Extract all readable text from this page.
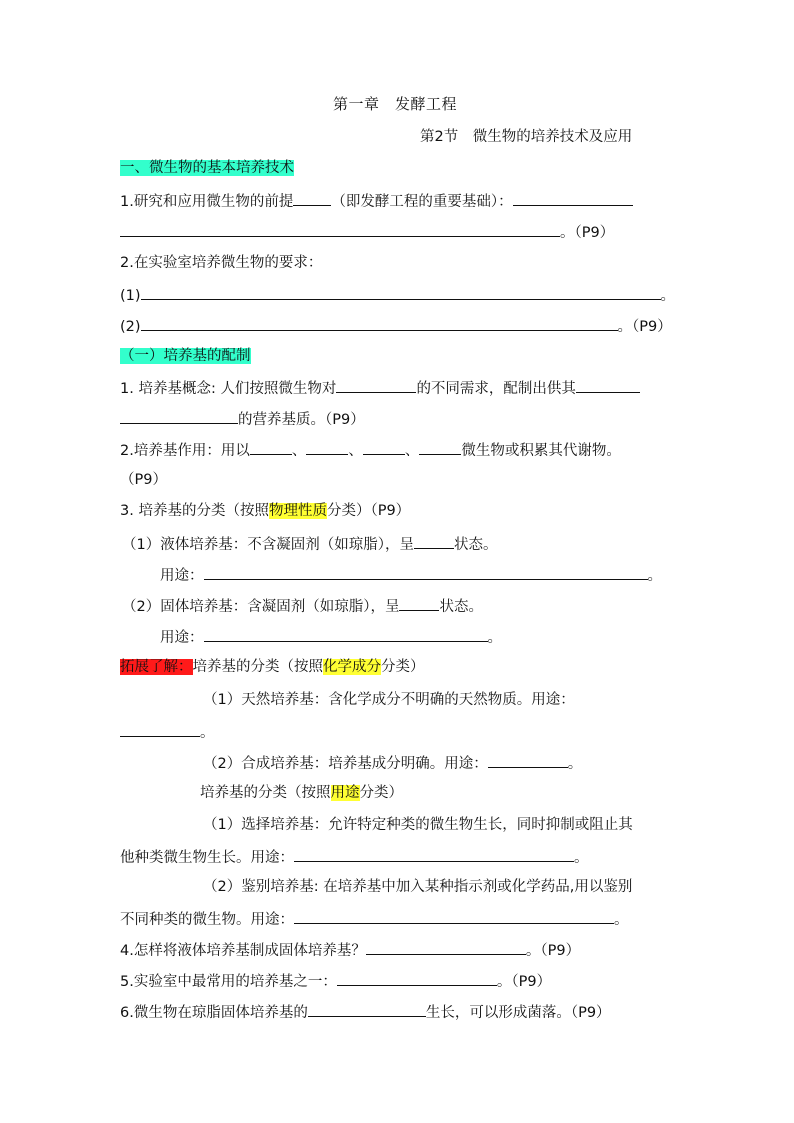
第一章　发酵工程
第2节　微生物的培养技术及应用
一、微生物的基本培养技术
1.研究和应用微生物的前提	（即发酵工程的重要基础）：
。（P9）
2.在实验室培养微生物的要求：
(1)	。
(2)	。（P9）
（一）培养基的配制
1. 培养基概念: 人们按照微生物对	的不同需求，配制出供其
的营养基质。（P9）
2.培养基作用：用以	、	、	、	微生物或积累其代谢物。
（P9）
3. 培养基的分类（按照物理性质分类）（P9）
（1）液体培养基：不含凝固剂（如琼脂），呈	状态。
用途：	。
（2）固体培养基：含凝固剂（如琼脂），呈	状态。
用途：	。
拓展了解：培养基的分类（按照化学成分分类）
（1）天然培养基：含化学成分不明确的天然物质。用途：
。
（2）合成培养基：培养基成分明确。用途：	。
培养基的分类（按照用途分类）
（1）选择培养基：允许特定种类的微生物生长，同时抑制或阻止其
他种类微生物生长。用途：	。
（2）鉴别培养基: 在培养基中加入某种指示剂或化学药品,用以鉴别
不同种类的微生物。用途：	。
4.怎样将液体培养基制成固体培养基？	。（P9）
5.实验室中最常用的培养基之一：	。（P9）
6.微生物在琼脂固体培养基的	生长，可以形成菌落。（P9）
